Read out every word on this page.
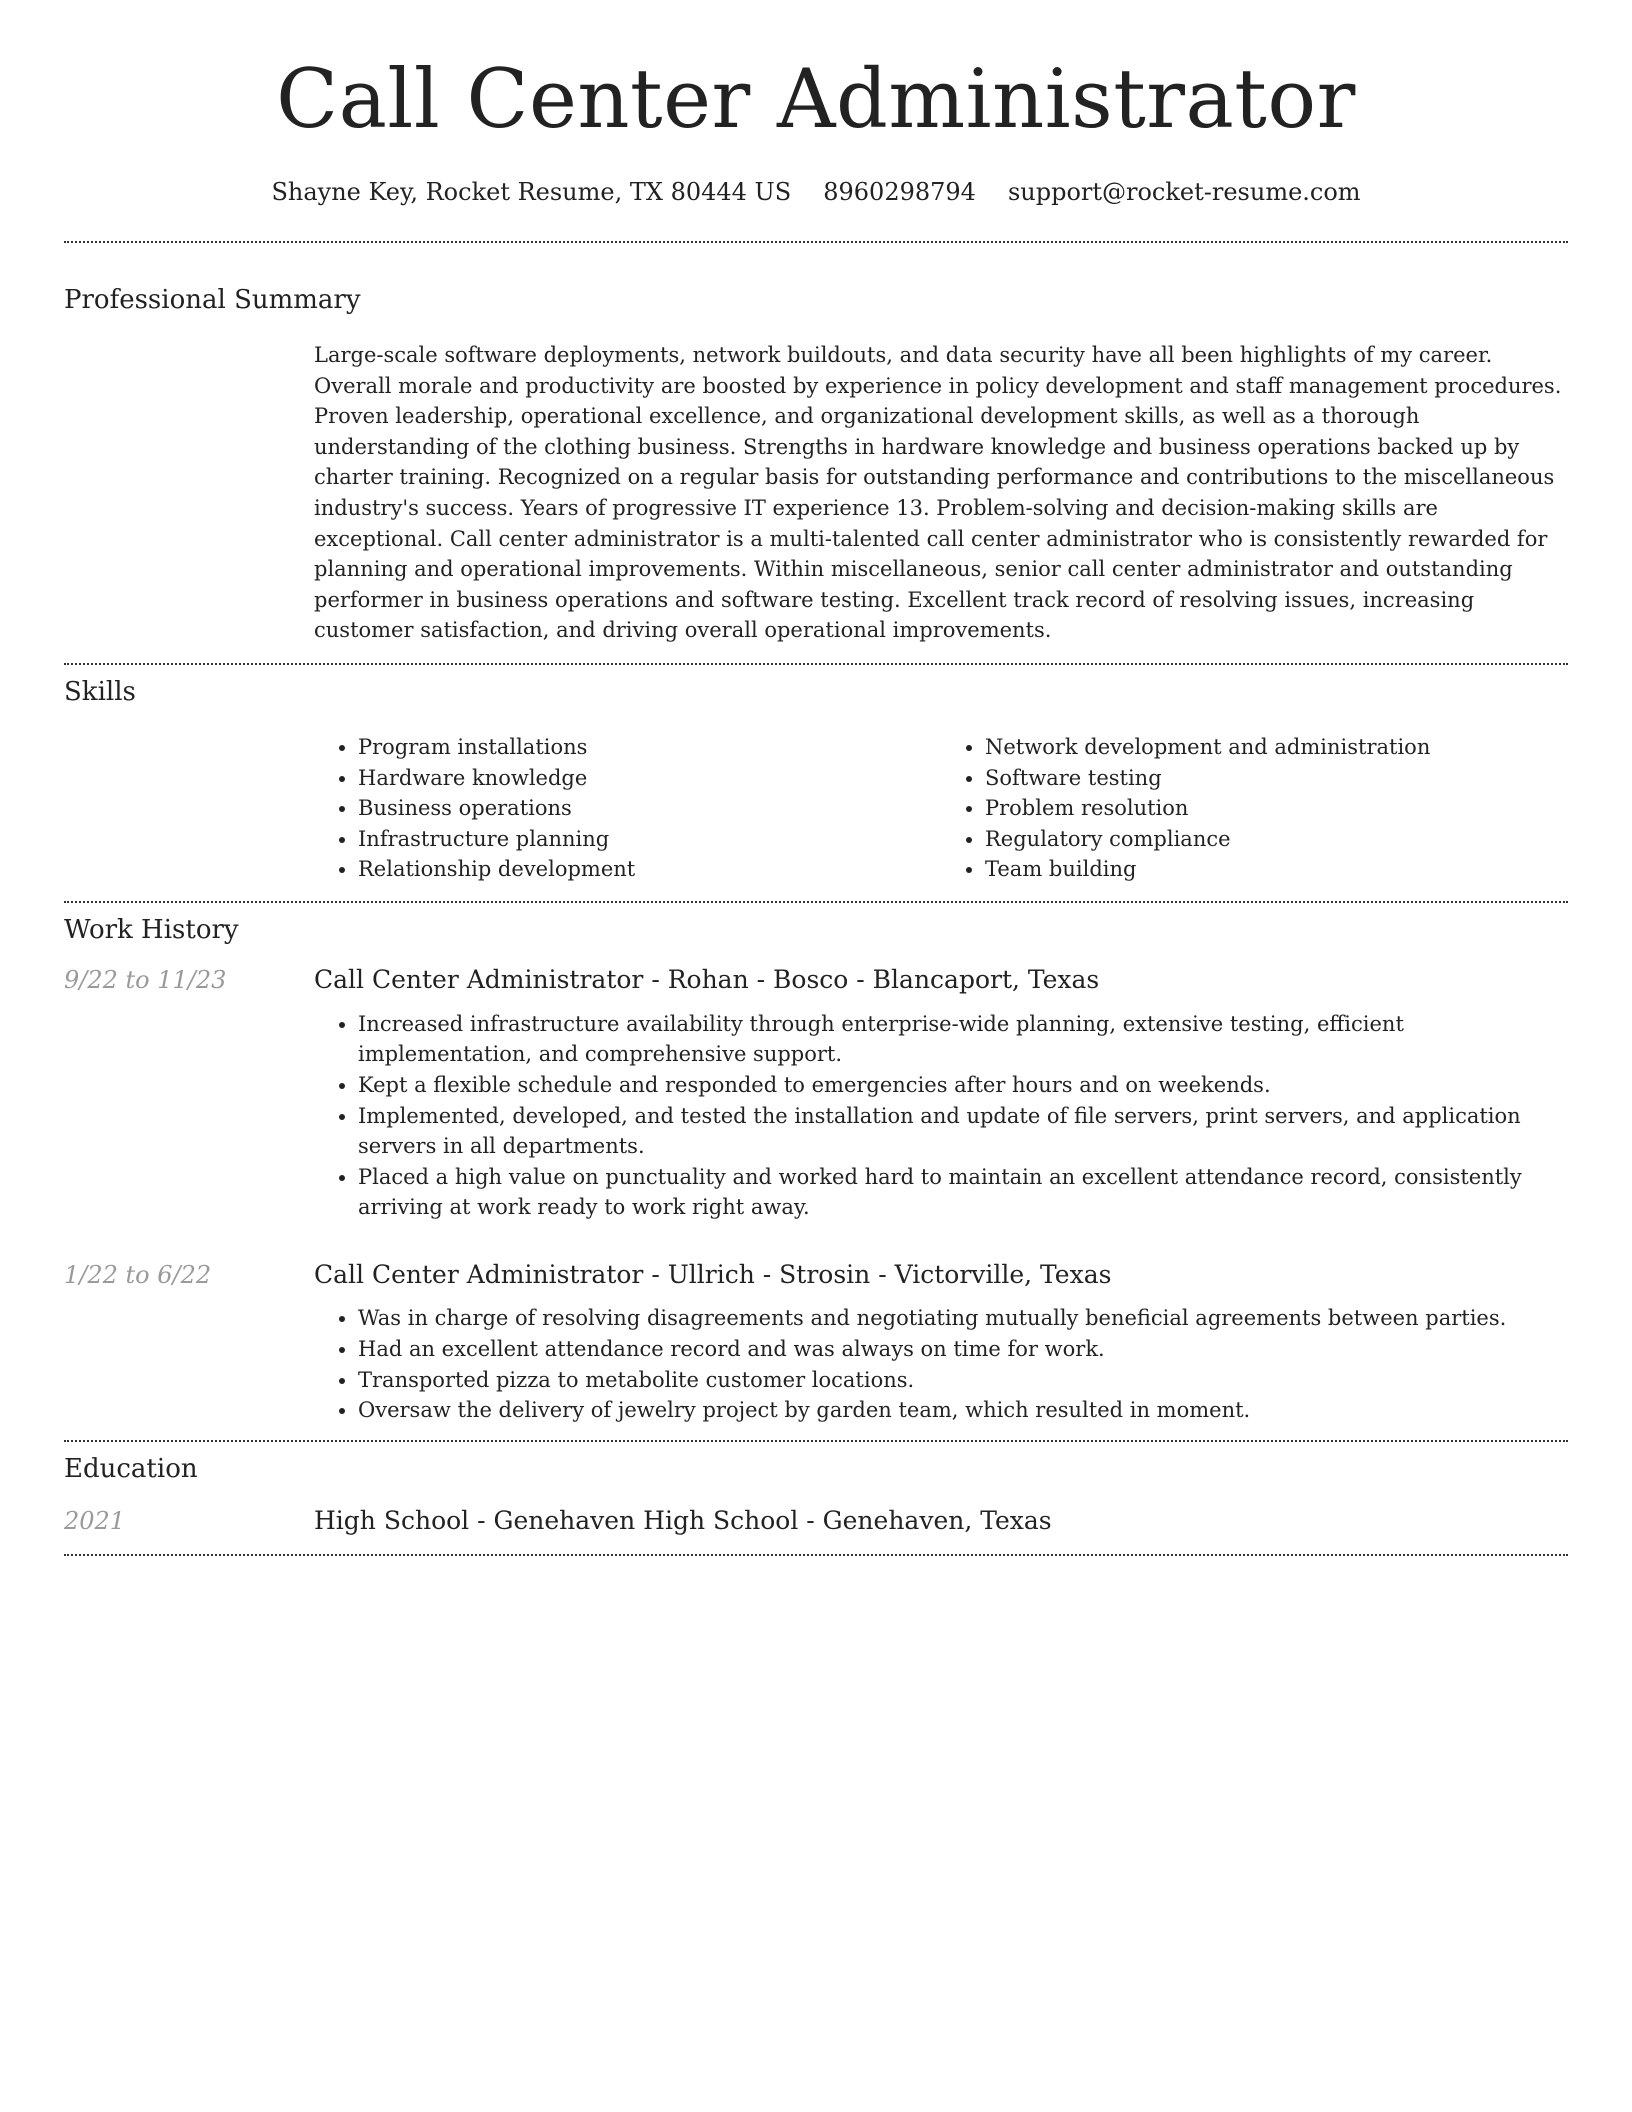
Call Center Administrator
Shayne Key, Rocket Resume, TX 80444 US 8960298794 support@rocket-resume.com
Professional Summary
Large-scale software deployments, network buildouts, and data security have all been highlights of my career. Overall morale and productivity are boosted by experience in policy development and staff management procedures. Proven leadership, operational excellence, and organizational development skills, as well as a thorough understanding of the clothing business. Strengths in hardware knowledge and business operations backed up by charter training. Recognized on a regular basis for outstanding performance and contributions to the miscellaneous industry's success. Years of progressive IT experience 13. Problem-solving and decision-making skills are exceptional. Call center administrator is a multi-talented call center administrator who is consistently rewarded for planning and operational improvements. Within miscellaneous, senior call center administrator and outstanding performer in business operations and software testing. Excellent track record of resolving issues, increasing customer satisfaction, and driving overall operational improvements.
Skills
• Program installations
• Hardware knowledge
• Business operations
• Infrastructure planning
• Relationship development
• Network development and administration
• Software testing
• Problem resolution
• Regulatory compliance
• Team building
Work History
9/22 to 11/23	Call Center Administrator - Rohan - Bosco - Blancaport, Texas
• Increased infrastructure availability through enterprise-wide planning, extensive testing, efficient implementation, and comprehensive support.
• Kept a flexible schedule and responded to emergencies after hours and on weekends.
• Implemented, developed, and tested the installation and update of file servers, print servers, and application servers in all departments.
• Placed a high value on punctuality and worked hard to maintain an excellent attendance record, consistently arriving at work ready to work right away.
1/22 to 6/22	Call Center Administrator - Ullrich - Strosin - Victorville, Texas
• Was in charge of resolving disagreements and negotiating mutually beneficial agreements between parties.
• Had an excellent attendance record and was always on time for work.
• Transported pizza to metabolite customer locations.
• Oversaw the delivery of jewelry project by garden team, which resulted in moment.
Education
2021	High School - Genehaven High School - Genehaven, Texas
